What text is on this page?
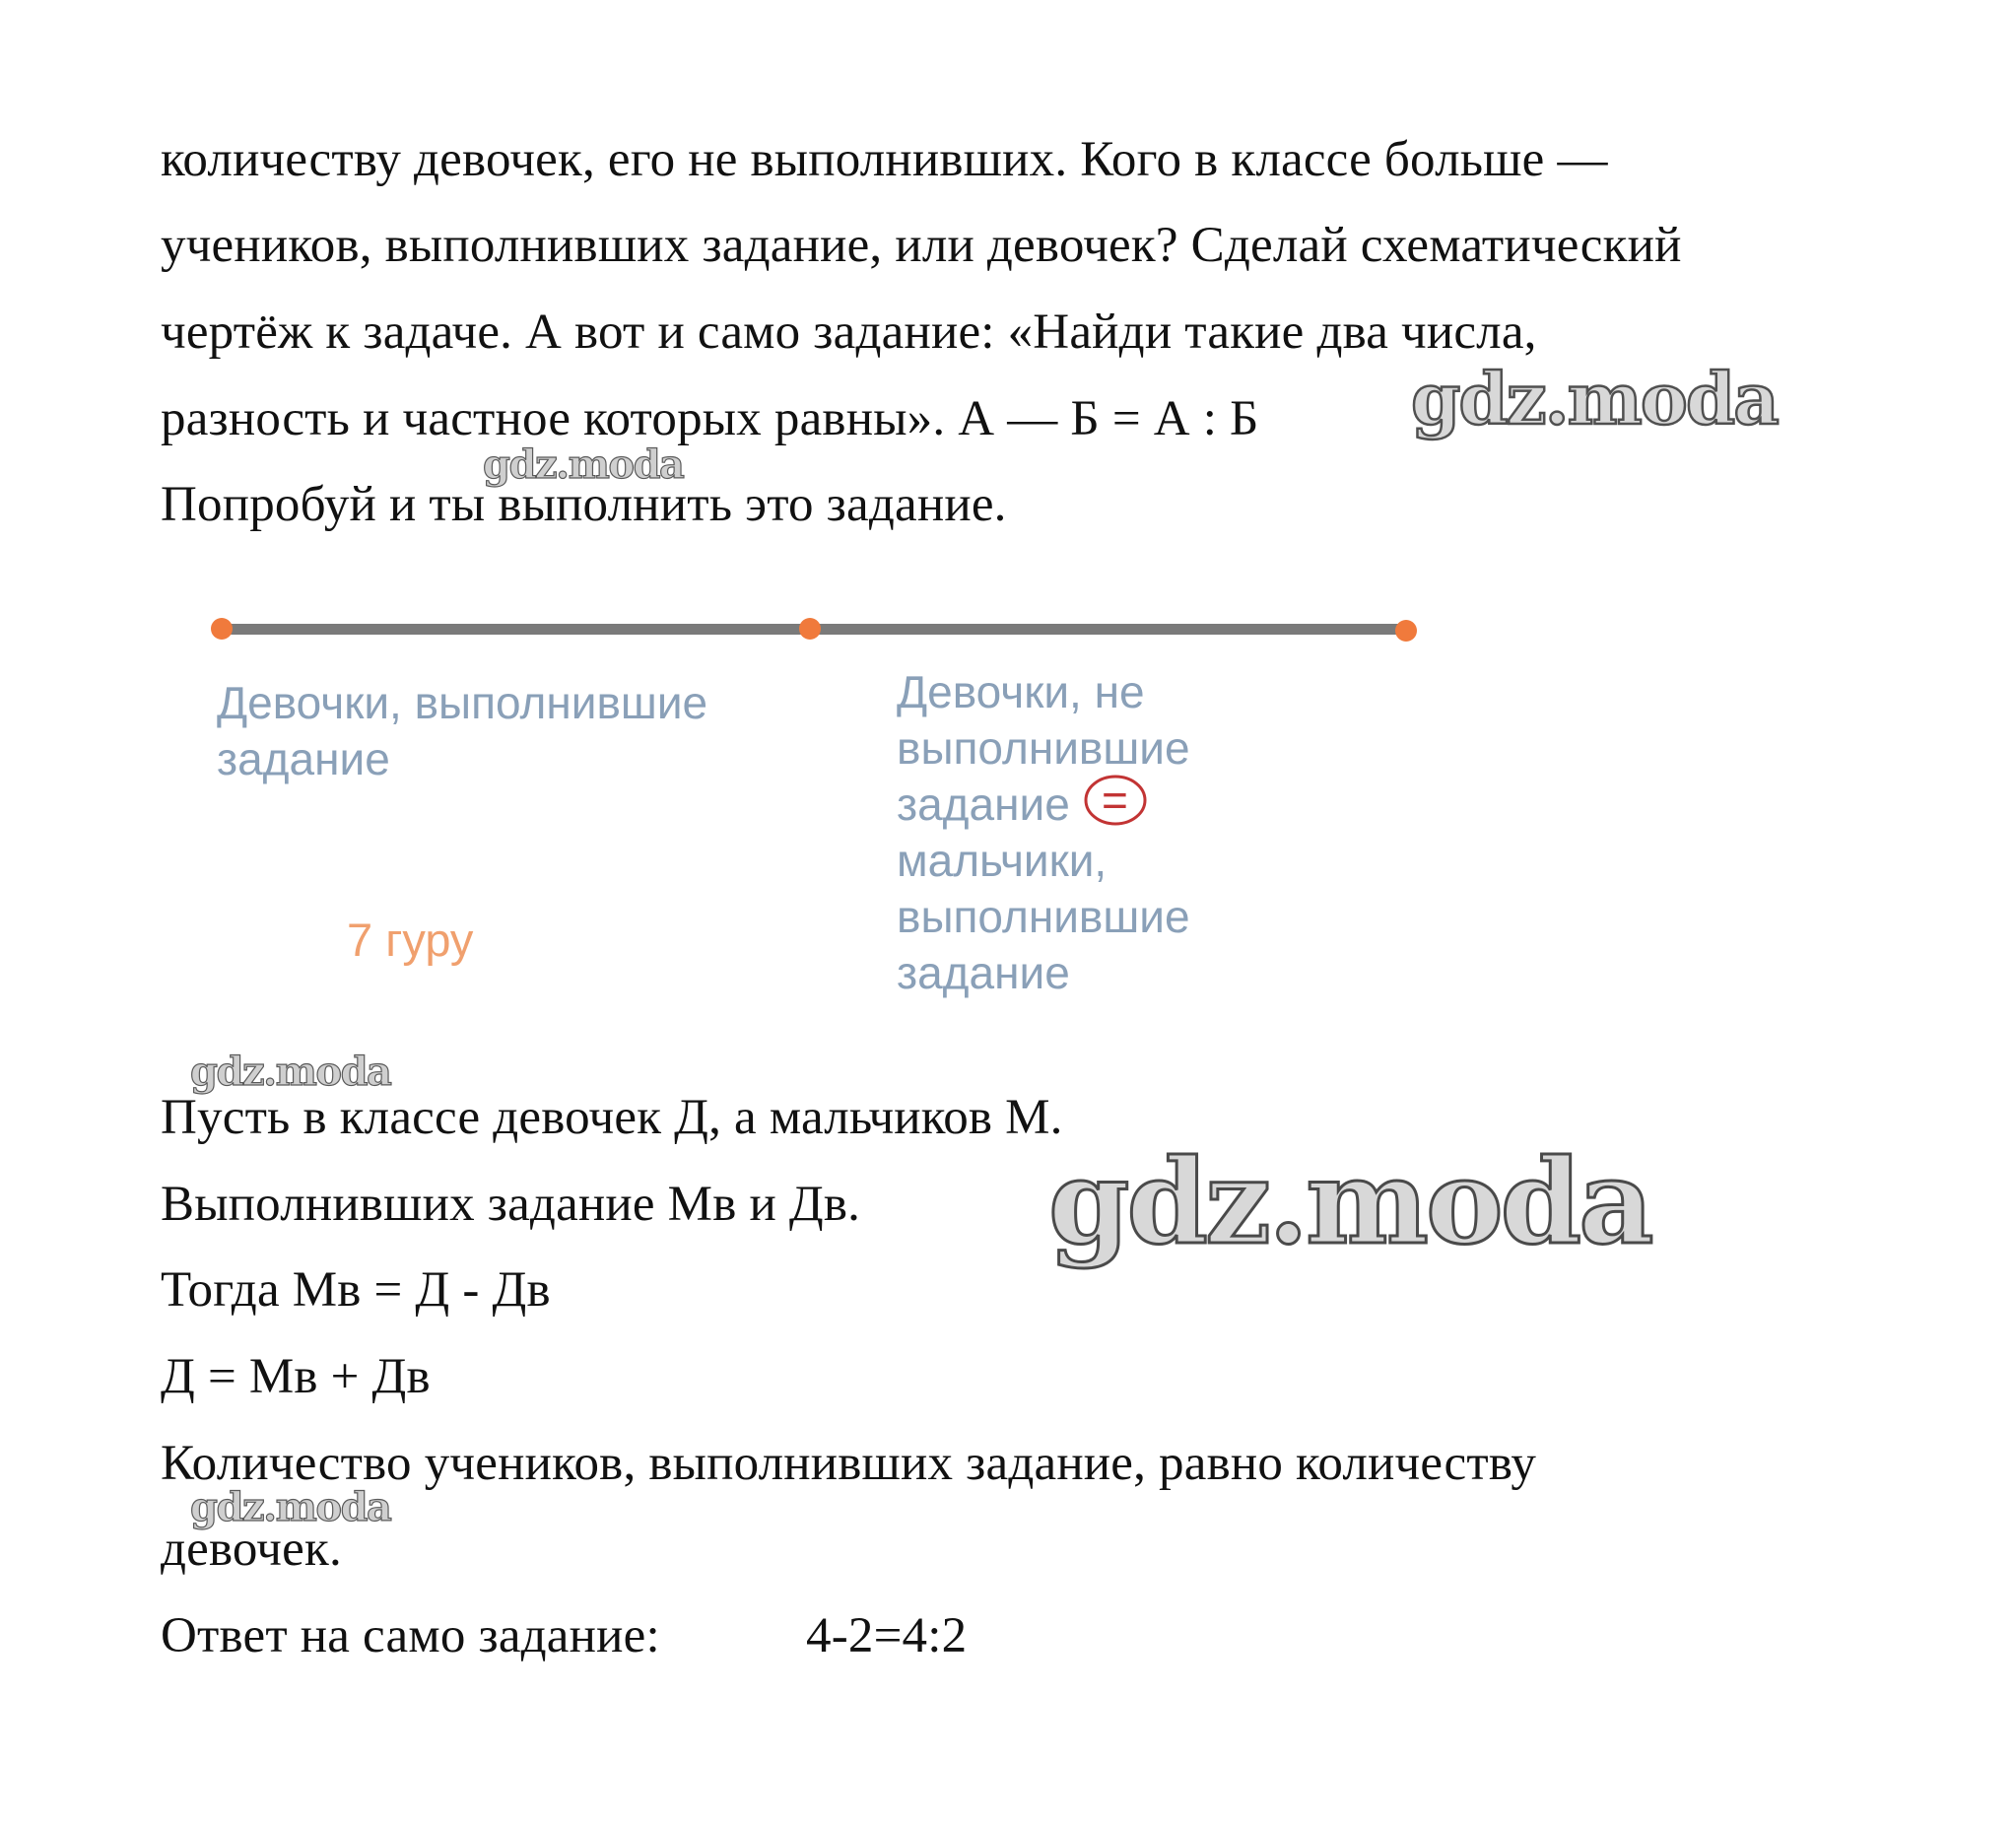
количеству девочек, его не выполнивших. Кого в классе больше —
учеников, выполнивших задание, или девочек? Сделай схематический
чертёж к задаче. А вот и само задание: «Найди такие два числа,
разность и частное которых равны». А — Б = А : Б
Попробуй и ты выполнить это задание.
Девочки, выполнившие
задание
Девочки, не
выполнившие
задание =
мальчики,
выполнившие
задание
7 гуру
Пусть в классе девочек Д, а мальчиков М.
Выполнивших задание Мв и Дв.
Тогда Мв = Д - Дв
Д = Мв + Дв
Количество учеников, выполнивших задание, равно количеству
девочек.
Ответ на само задание:	4-2=4:2
gdz.moda
gdz.moda
gdz.moda
gdz.moda
gdz.moda
